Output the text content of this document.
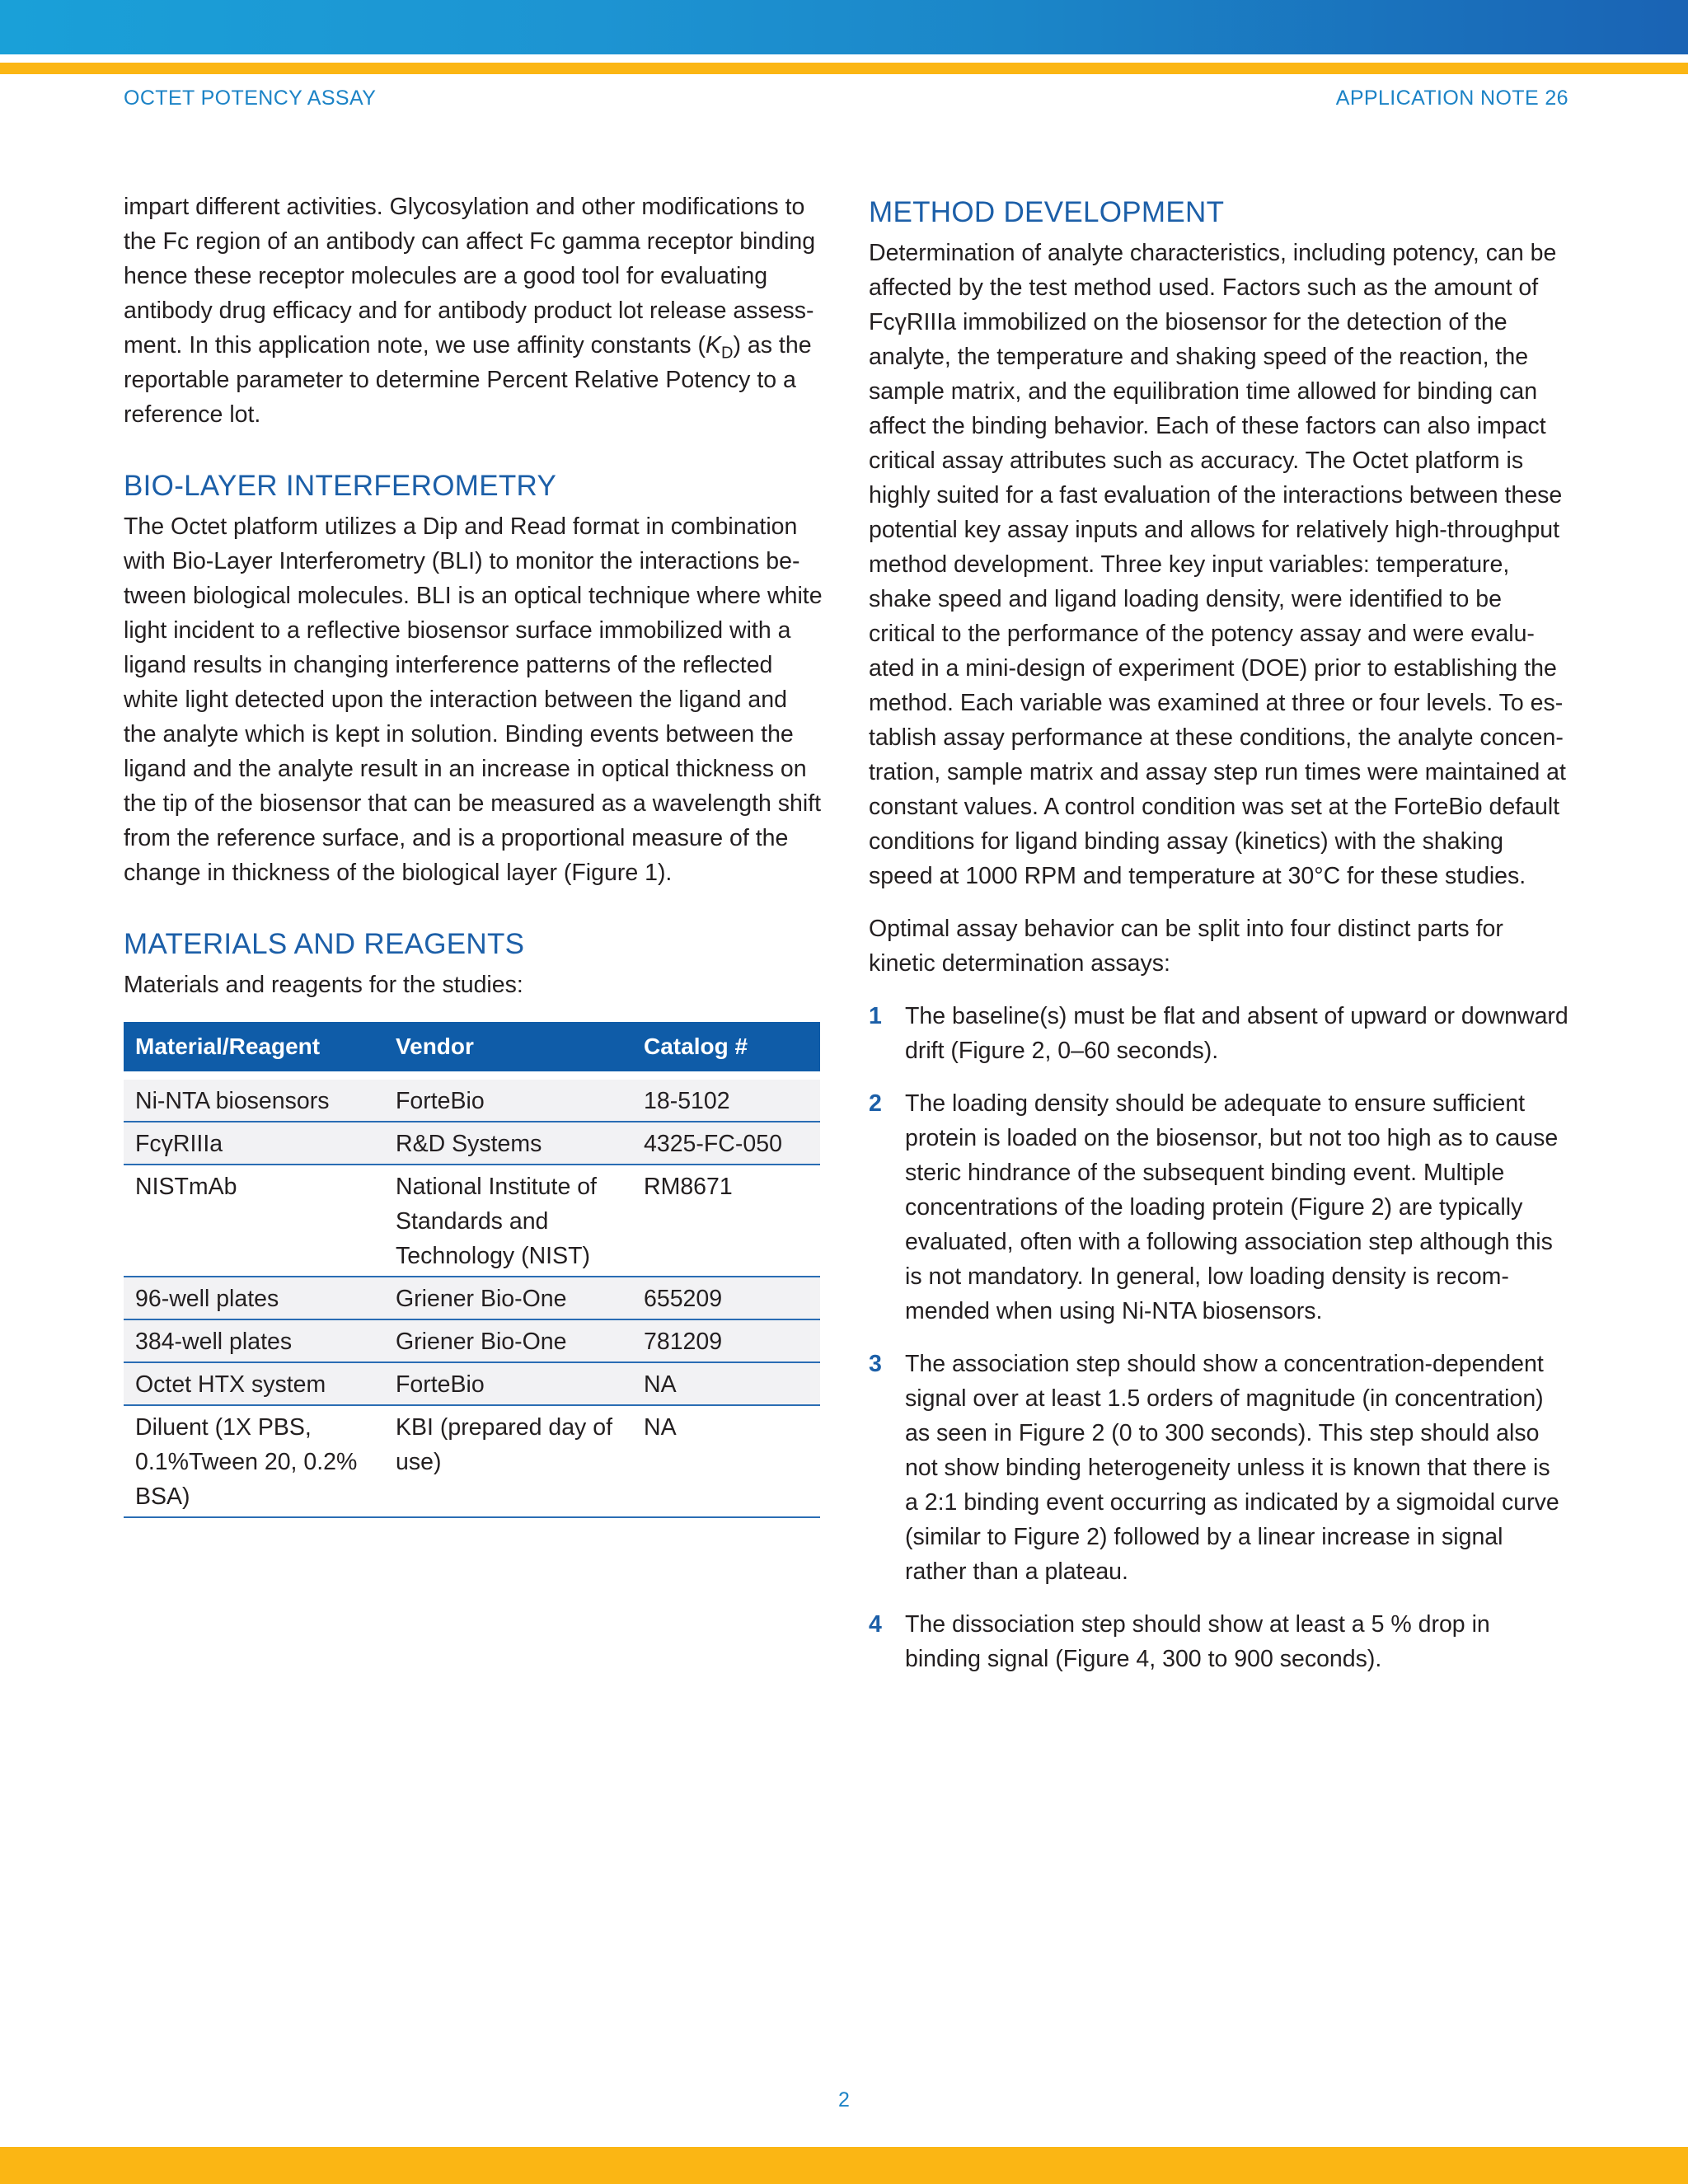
OCTET POTENCY ASSAY	APPLICATION NOTE 26

impart different activities. Glycosylation and other modifications to the Fc region of an antibody can affect Fc gamma receptor binding hence these receptor molecules are a good tool for evaluating antibody drug efficacy and for antibody product lot release assess-ment. In this application note, we use affinity constants $(K_D)$ as the reportable parameter to determine Percent Relative Potency to a reference lot.

BIO-LAYER INTERFEROMETRY

The Octet platform utilizes a Dip and Read format in combination with Bio-Layer Interferometry (BLI) to monitor the interactions be-tween biological molecules. BLI is an optical technique where white light incident to a reflective biosensor surface immobilized with a ligand results in changing interference patterns of the reflected white light detected upon the interaction between the ligand and the analyte which is kept in solution. Binding events between the ligand and the analyte result in an increase in optical thickness on the tip of the biosensor that can be measured as a wavelength shift from the reference surface, and is a proportional measure of the change in thickness of the biological layer (Figure 1).

MATERIALS AND REAGENTS

Materials and reagents for the studies:

Material/Reagent	Vendor	Catalog #
Ni-NTA biosensors	ForteBio	18-5102
FcγRIIIa	R&D Systems	4325-FC-050
NISTmAb	National Institute of Standards and Technology (NIST)	RM8671
96-well plates	Griener Bio-One	655209
384-well plates	Griener Bio-One	781209
Octet HTX system	ForteBio	NA
Diluent (1X PBS, 0.1%Tween 20, 0.2% BSA)	KBI (prepared day of use)	NA
METHOD DEVELOPMENT

Determination of analyte characteristics, including potency, can be affected by the test method used. Factors such as the amount of FcγRIIIa immobilized on the biosensor for the detection of the analyte, the temperature and shaking speed of the reaction, the sample matrix, and the equilibration time allowed for binding can affect the binding behavior. Each of these factors can also impact critical assay attributes such as accuracy. The Octet platform is highly suited for a fast evaluation of the interactions between these potential key assay inputs and allows for relatively high-throughput method development. Three key input variables: temperature, shake speed and ligand loading density, were identified to be critical to the performance of the potency assay and were evalu-ated in a mini-design of experiment (DOE) prior to establishing the method. Each variable was examined at three or four levels. To es-tablish assay performance at these conditions, the analyte concen-tration, sample matrix and assay step run times were maintained at constant values. A control condition was set at the ForteBio default conditions for ligand binding assay (kinetics) with the shaking speed at 1000 RPM and temperature at 30°C for these studies.

Optimal assay behavior can be split into four distinct parts for kinetic determination assays:

1 The baseline(s) must be flat and absent of upward or downward drift (Figure 2, 0–60 seconds).
2 The loading density should be adequate to ensure sufficient protein is loaded on the biosensor, but not too high as to cause steric hindrance of the subsequent binding event. Multiple concentrations of the loading protein (Figure 2) are typically evaluated, often with a following association step although this is not mandatory. In general, low loading density is recom-mended when using Ni-NTA biosensors.
3 The association step should show a concentration-dependent signal over at least 1.5 orders of magnitude (in concentration) as seen in Figure 2 (0 to 300 seconds). This step should also not show binding heterogeneity unless it is known that there is a 2:1 binding event occurring as indicated by a sigmoidal curve (similar to Figure 2) followed by a linear increase in signal rather than a plateau.
4 The dissociation step should show at least a 5 % drop in binding signal (Figure 4, 300 to 900 seconds).
2
